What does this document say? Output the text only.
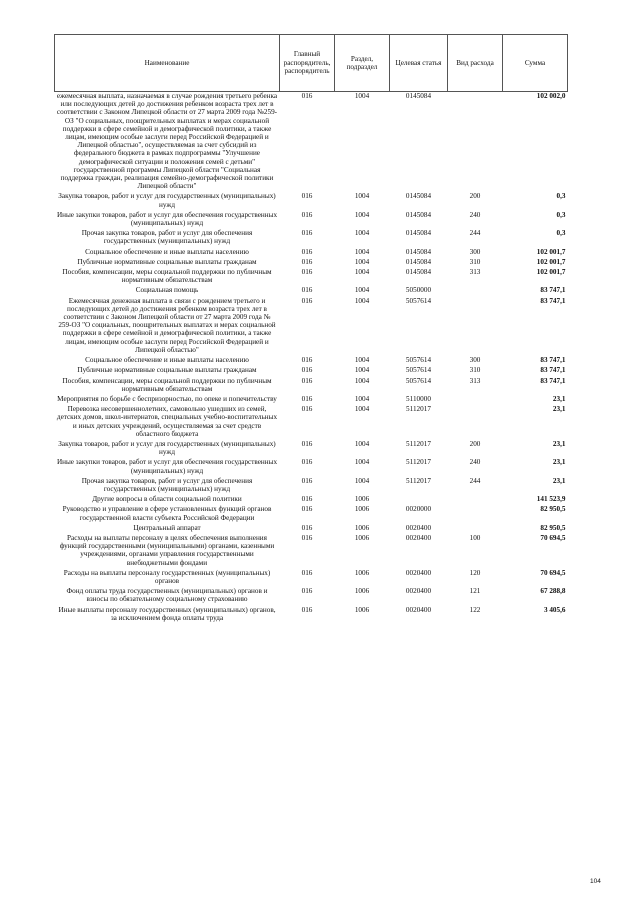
Наименование	Главный распорядитель, распорядитель	Раздел, подраздел	Целевая статья	Вид расхода	Сумма
ежемесячная выплата, назначаемая в случае рождения третьего ребенка или последующих детей до достижения ребенком возраста трех лет в соответствии с Законом Липецкой области от 27 марта 2009 года №259-ОЗ "О социальных, поощрительных выплатах и мерах социальной поддержки в сфере семейной и демографической политики, а также лицам, имеющим особые заслуги перед Российской Федерацией и Липецкой областью", осуществляемая за счет субсидий из федерального бюджета в рамках подпрограммы "Улучшение демографической ситуации и положения семей с детьми" государственной программы Липецкой области "Социальная поддержка граждан, реализация семейно-демографической политики Липецкой области"	016	1004	0145084		102 002,0
Закупка товаров, работ и услуг для государственных (муниципальных) нужд	016	1004	0145084	200	0,3
Иные закупки товаров, работ и услуг для обеспечения государственных (муниципальных) нужд	016	1004	0145084	240	0,3
Прочая закупка товаров, работ и услуг для обеспечения государственных (муниципальных) нужд	016	1004	0145084	244	0,3
Социальное обеспечение и иные выплаты населению	016	1004	0145084	300	102 001,7
Публичные нормативные социальные выплаты гражданам	016	1004	0145084	310	102 001,7
Пособия, компенсации, меры социальной поддержки по публичным нормативным обязательствам	016	1004	0145084	313	102 001,7
Социальная помощь	016	1004	5050000		83 747,1
Ежемесячная денежная выплата в связи с рождением третьего и последующих детей до достижения ребенком возраста трех лет в соответствии с Законом Липецкой области от 27 марта 2009 года № 259-ОЗ "О социальных, поощрительных выплатах и мерах социальной поддержки в сфере семейной и демографической политики, а также лицам, имеющим особые заслуги перед Российской Федерацией и Липецкой областью"	016	1004	5057614		83 747,1
Социальное обеспечение и иные выплаты населению	016	1004	5057614	300	83 747,1
Публичные нормативные социальные выплаты гражданам	016	1004	5057614	310	83 747,1
Пособия, компенсации, меры социальной поддержки по публичным нормативным обязательствам	016	1004	5057614	313	83 747,1
Мероприятия по борьбе с беспризорностью, по опеке и попечительству	016	1004	5110000		23,1
Перевозка несовершеннолетних, самовольно ушедших из семей, детских домов, школ-интернатов, специальных учебно-воспитательных и иных детских учреждений, осуществляемая за счет средств областного бюджета	016	1004	5112017		23,1
Закупка товаров, работ и услуг для государственных (муниципальных) нужд	016	1004	5112017	200	23,1
Иные закупки товаров, работ и услуг для обеспечения государственных (муниципальных) нужд	016	1004	5112017	240	23,1
Прочая закупка товаров, работ и услуг для обеспечения государственных (муниципальных) нужд	016	1004	5112017	244	23,1
Другие вопросы в области социальной политики	016	1006			141 523,9
Руководство и управление в сфере установленных функций органов государственной власти субъекта Российской Федерации	016	1006	0020000		82 950,5
Центральный аппарат	016	1006	0020400		82 950,5
Расходы на выплаты персоналу в целях обеспечения выполнения функций государственными (муниципальными) органами, казенными учреждениями, органами управления государственными внебюджетными фондами	016	1006	0020400	100	70 694,5
Расходы на выплаты персоналу государственных (муниципальных) органов	016	1006	0020400	120	70 694,5
Фонд оплаты труда государственных (муниципальных) органов и взносы по обязательному социальному страхованию	016	1006	0020400	121	67 288,8
Иные выплаты персоналу государственных (муниципальных) органов, за исключением фонда оплаты труда	016	1006	0020400	122	3 405,6
104
